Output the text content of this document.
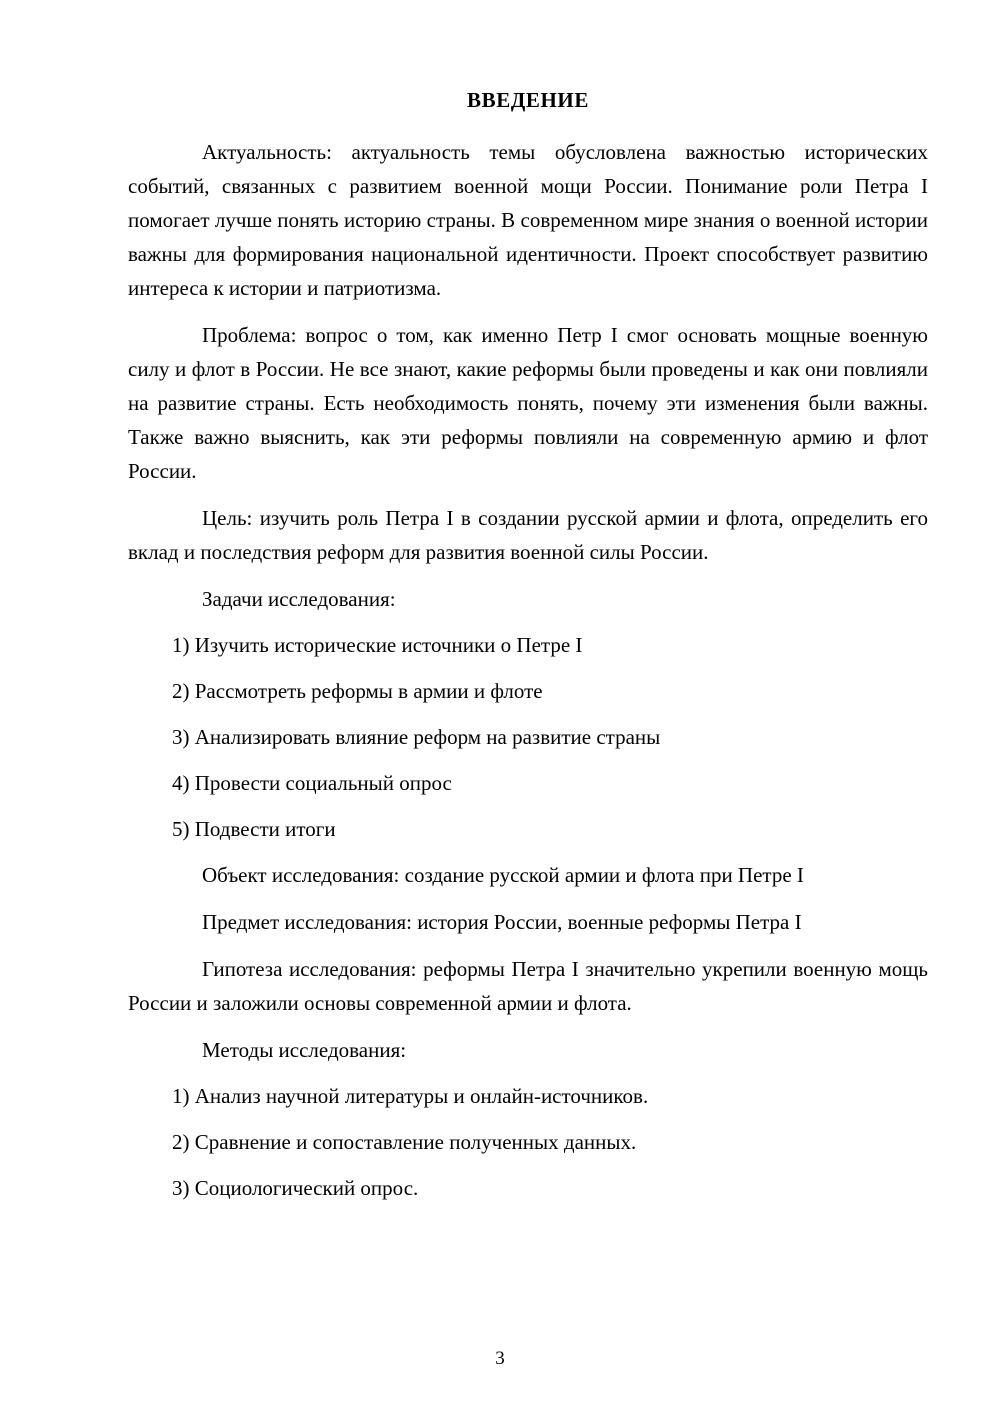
ВВЕДЕНИЕ

Актуальность: актуальность темы обусловлена важностью исторических событий, связанных с развитием военной мощи России. Понимание роли Петра I помогает лучше понять историю страны. В современном мире знания о военной истории важны для формирования национальной идентичности. Проект способствует развитию интереса к истории и патриотизма.

Проблема: вопрос о том, как именно Петр I смог основать мощные военную силу и флот в России. Не все знают, какие реформы были проведены и как они повлияли на развитие страны. Есть необходимость понять, почему эти изменения были важны. Также важно выяснить, как эти реформы повлияли на современную армию и флот России.

Цель: изучить роль Петра I в создании русской армии и флота, определить его вклад и последствия реформ для развития военной силы России.

Задачи исследования:

1) Изучить исторические источники о Петре I

2) Рассмотреть реформы в армии и флоте

3) Анализировать влияние реформ на развитие страны

4) Провести социальный опрос

5) Подвести итоги

Объект исследования: создание русской армии и флота при Петре I

Предмет исследования: история России, военные реформы Петра I

Гипотеза исследования: реформы Петра I значительно укрепили военную мощь России и заложили основы современной армии и флота.

Методы исследования:

1) Анализ научной литературы и онлайн-источников.

2) Сравнение и сопоставление полученных данных.

3) Социологический опрос.

3
